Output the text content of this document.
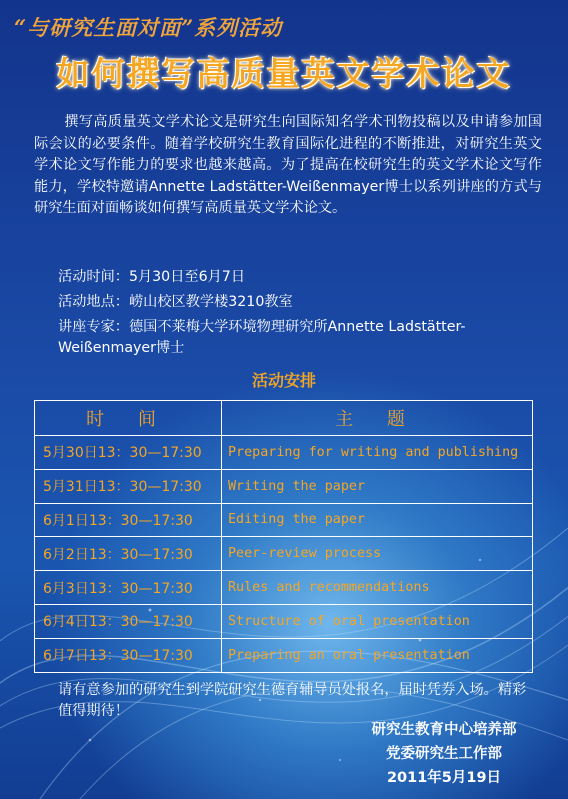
“与研究生面对面”系列活动
如何撰写高质量英文学术论文
撰写高质量英文学术论文是研究生向国际知名学术刊物投稿以及申请参加国际会议的必要条件。随着学校研究生教育国际化进程的不断推进，对研究生英文学术论文写作能力的要求也越来越高。为了提高在校研究生的英文学术论文写作能力，学校特邀请Annette Ladstätter-Weißenmayer博士以系列讲座的方式与研究生面对面畅谈如何撰写高质量英文学术论文。
活动时间：5月30日至6月7日
活动地点：崂山校区教学楼3210教室
讲座专家：德国不莱梅大学环境物理研究所Annette Ladstätter-Weißenmayer博士
活动安排
时 间	主 题
5月30日13：30—17:30	Preparing for writing and publishing
5月31日13：30—17:30	Writing the paper
6月1日13：30—17:30	Editing the paper
6月2日13：30—17:30	Peer-review process
6月3日13：30—17:30	Rules and recommendations
6月4日13：30—17:30	Structure of oral presentation
6月7日13：30—17:30	Preparing an oral presentation
请有意参加的研究生到学院研究生德育辅导员处报名，届时凭券入场。精彩值得期待！
研究生教育中心培养部
党委研究生工作部
2011年5月19日
